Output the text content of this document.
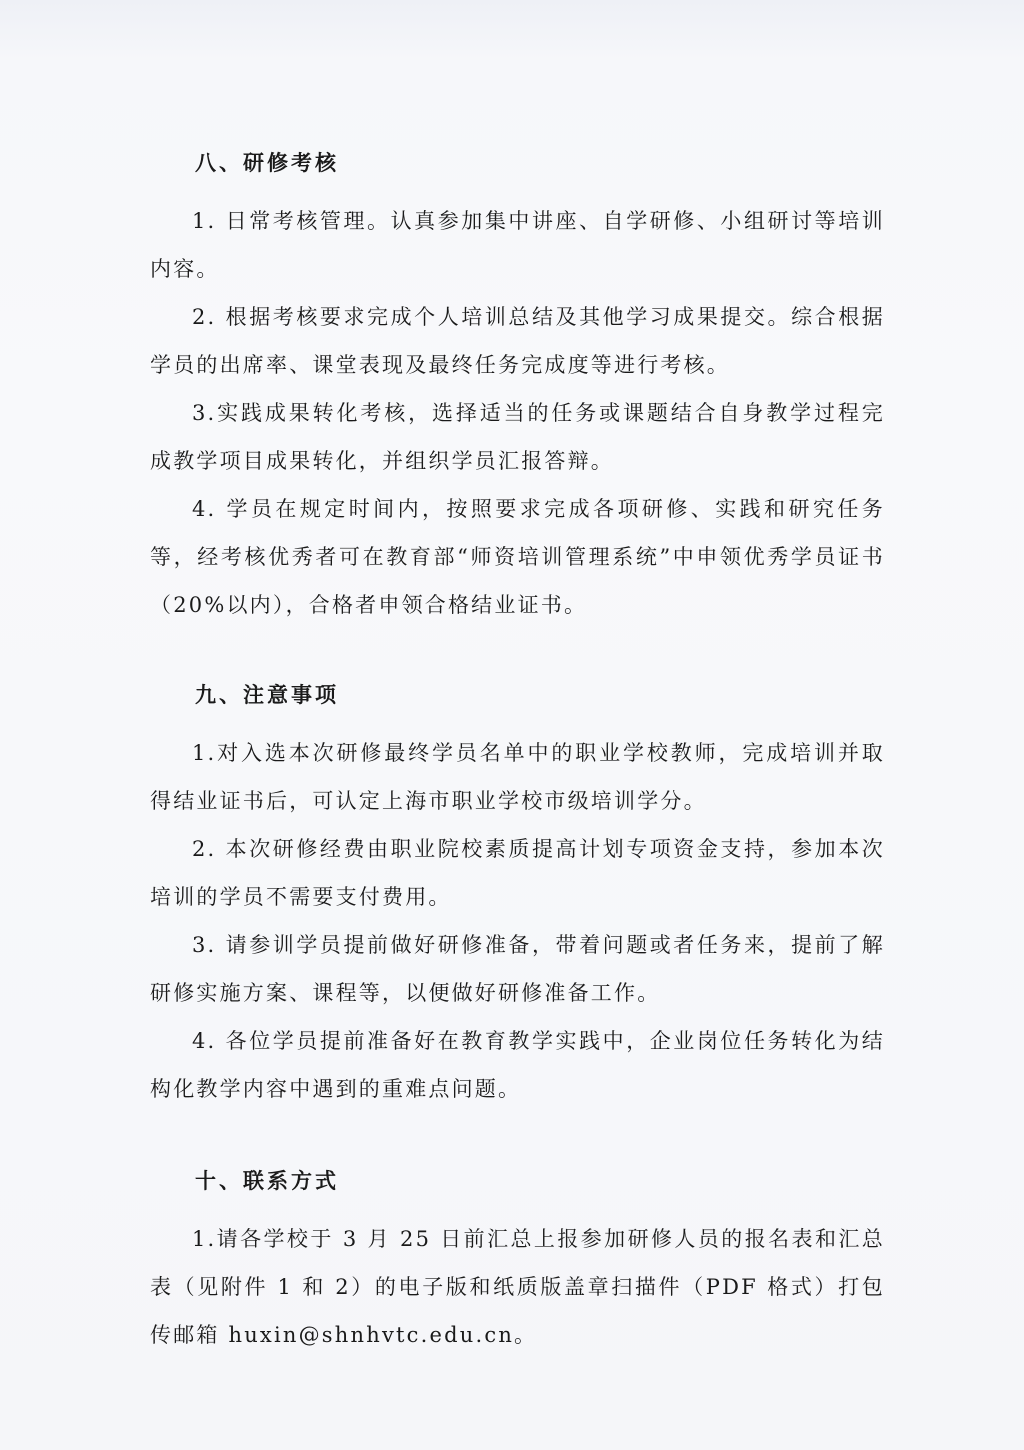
八、研修考核

1. 日常考核管理。认真参加集中讲座、自学研修、小组研讨等培训内容。

2. 根据考核要求完成个人培训总结及其他学习成果提交。综合根据学员的出席率、课堂表现及最终任务完成度等进行考核。

3.实践成果转化考核，选择适当的任务或课题结合自身教学过程完成教学项目成果转化，并组织学员汇报答辩。

4. 学员在规定时间内，按照要求完成各项研修、实践和研究任务等，经考核优秀者可在教育部“师资培训管理系统”中申领优秀学员证书（20%以内），合格者申领合格结业证书。

九、注意事项

1.对入选本次研修最终学员名单中的职业学校教师，完成培训并取得结业证书后，可认定上海市职业学校市级培训学分。

2. 本次研修经费由职业院校素质提高计划专项资金支持，参加本次培训的学员不需要支付费用。

3. 请参训学员提前做好研修准备，带着问题或者任务来，提前了解研修实施方案、课程等，以便做好研修准备工作。

4. 各位学员提前准备好在教育教学实践中，企业岗位任务转化为结构化教学内容中遇到的重难点问题。

十、联系方式

1.请各学校于 3 月 25 日前汇总上报参加研修人员的报名表和汇总表（见附件 1 和 2）的电子版和纸质版盖章扫描件（PDF 格式）打包传邮箱 huxin@shnhvtc.edu.cn。
